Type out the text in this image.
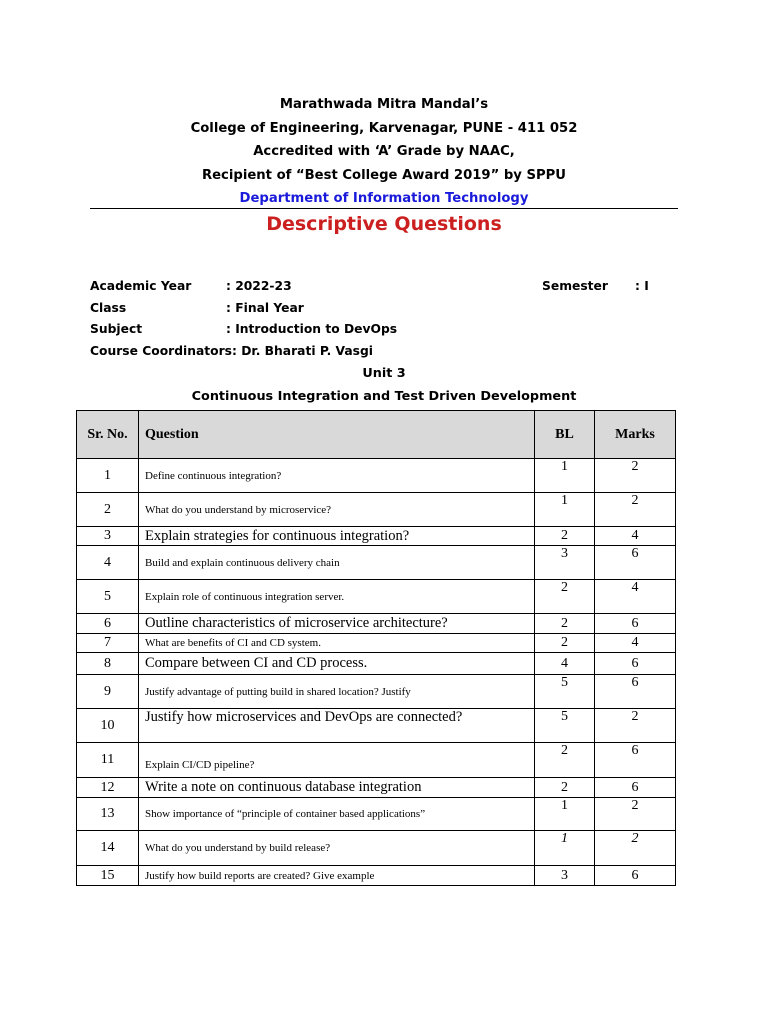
Marathwada Mitra Mandal’s
College of Engineering, Karvenagar, PUNE - 411 052
Accredited with ‘A’ Grade by NAAC,
Recipient of “Best College Award 2019” by SPPU
Department of Information Technology
Descriptive Questions
Academic Year	: 2022-23	Semester : I
Class	: Final Year
Subject	: Introduction to DevOps
Course Coordinators: Dr. Bharati P. Vasgi
Unit 3
Continuous Integration and Test Driven Development
Sr. No.	Question	BL	Marks
1	Define continuous integration?	1	2
2	What do you understand by microservice?	1	2
3	Explain strategies for continuous integration?	2	4
4	Build and explain continuous delivery chain	3	6
5	Explain role of continuous integration server.	2	4
6	Outline characteristics of microservice architecture?	2	6
7	What are benefits of CI and CD system.	2	4
8	Compare between CI and CD process.	4	6
9	Justify advantage of putting build in shared location? Justify	5	6
10	Justify how microservices and DevOps are connected?	5	2
11	Explain CI/CD pipeline?	2	6
12	Write a note on continuous database integration	2	6
13	Show importance of “principle of container based applications”	1	2
14	What do you understand by build release?	1	2
15	Justify how build reports are created? Give example	3	6
